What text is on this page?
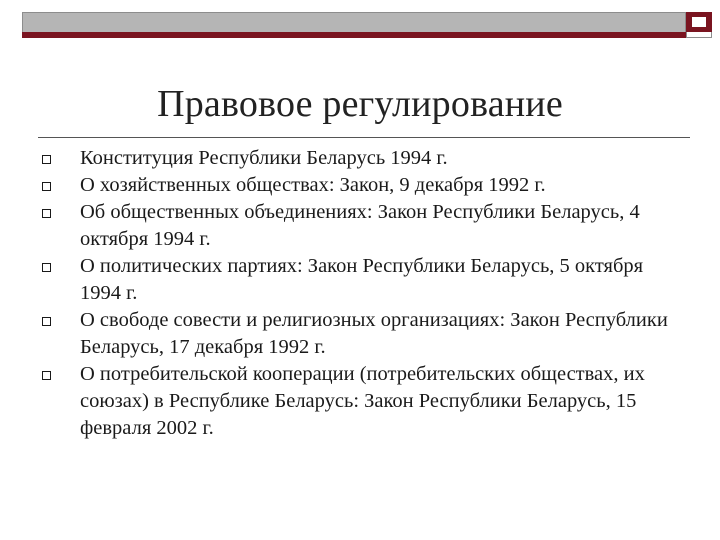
Правовое регулирование
Конституция Республики Беларусь 1994 г.
О хозяйственных обществах: Закон, 9 декабря 1992 г.
Об общественных объединениях: Закон Республики Беларусь, 4 октября 1994 г.
О политических партиях: Закон Республики Беларусь, 5 октября 1994 г.
О свободе совести и религиозных организациях: Закон Республики Беларусь, 17 декабря 1992 г.
О потребительской кооперации (потребительских обществах, их союзах) в Республике Беларусь: Закон Республики Беларусь, 15 февраля 2002 г.
